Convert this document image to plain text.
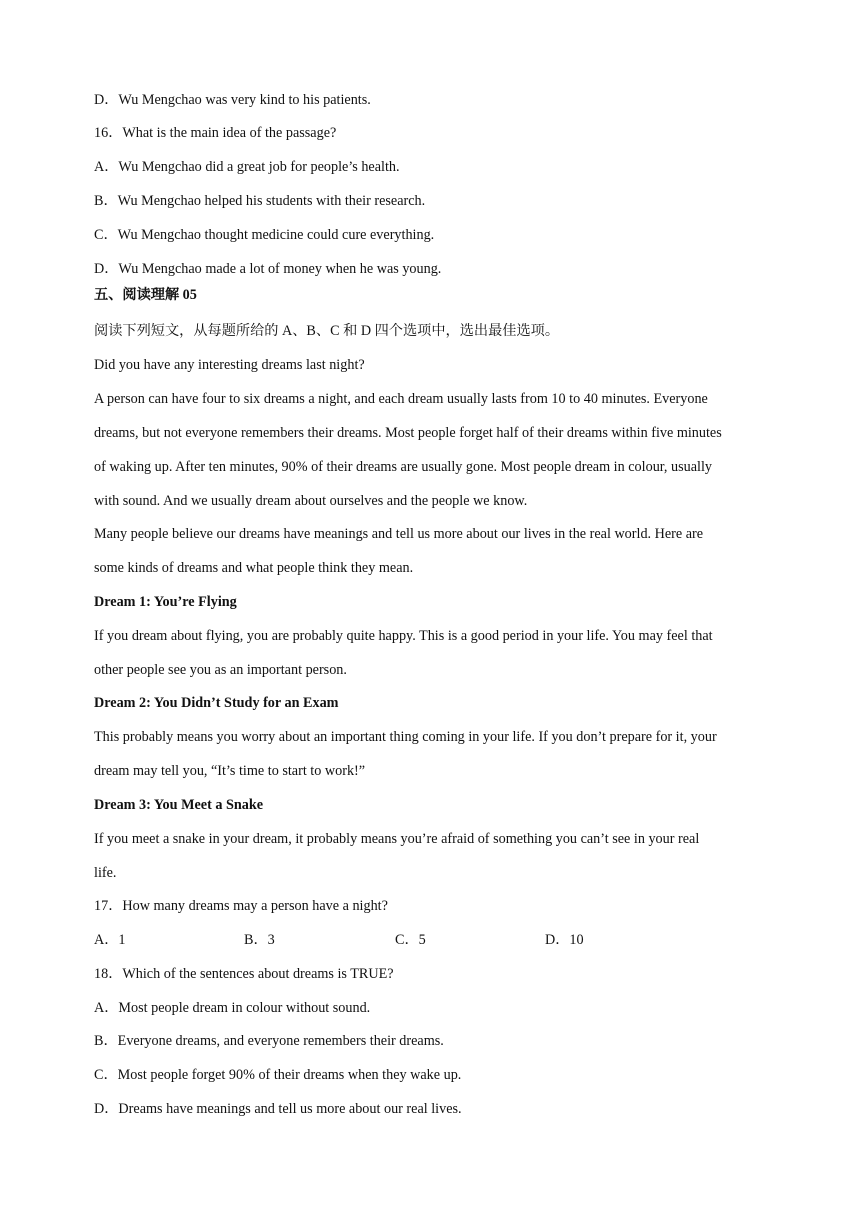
D．Wu Mengchao was very kind to his patients.
16．What is the main idea of the passage?
A．Wu Mengchao did a great job for people’s health.
B．Wu Mengchao helped his students with their research.
C．Wu Mengchao thought medicine could cure everything.
D．Wu Mengchao made a lot of money when he was young.
五、阅读理解 05
阅读下列短文，从每题所给的 A、B、C 和 D 四个选项中，选出最佳选项。
Did you have any interesting dreams last night?
A person can have four to six dreams a night, and each dream usually lasts from 10 to 40 minutes. Everyone
dreams, but not everyone remembers their dreams. Most people forget half of their dreams within five minutes
of waking up. After ten minutes, 90% of their dreams are usually gone. Most people dream in colour, usually
with sound. And we usually dream about ourselves and the people we know.
Many people believe our dreams have meanings and tell us more about our lives in the real world. Here are
some kinds of dreams and what people think they mean.
Dream 1: You’re Flying
If you dream about flying, you are probably quite happy. This is a good period in your life. You may feel that
other people see you as an important person.
Dream 2: You Didn’t Study for an Exam
This probably means you worry about an important thing coming in your life. If you don’t prepare for it, your
dream may tell you, “It’s time to start to work!”
Dream 3: You Meet a Snake
If you meet a snake in your dream, it probably means you’re afraid of something you can’t see in your real
life.
17．How many dreams may a person have a night?
A．1	B．3	C．5	D．10
18．Which of the sentences about dreams is TRUE?
A．Most people dream in colour without sound.
B．Everyone dreams, and everyone remembers their dreams.
C．Most people forget 90% of their dreams when they wake up.
D．Dreams have meanings and tell us more about our real lives.
